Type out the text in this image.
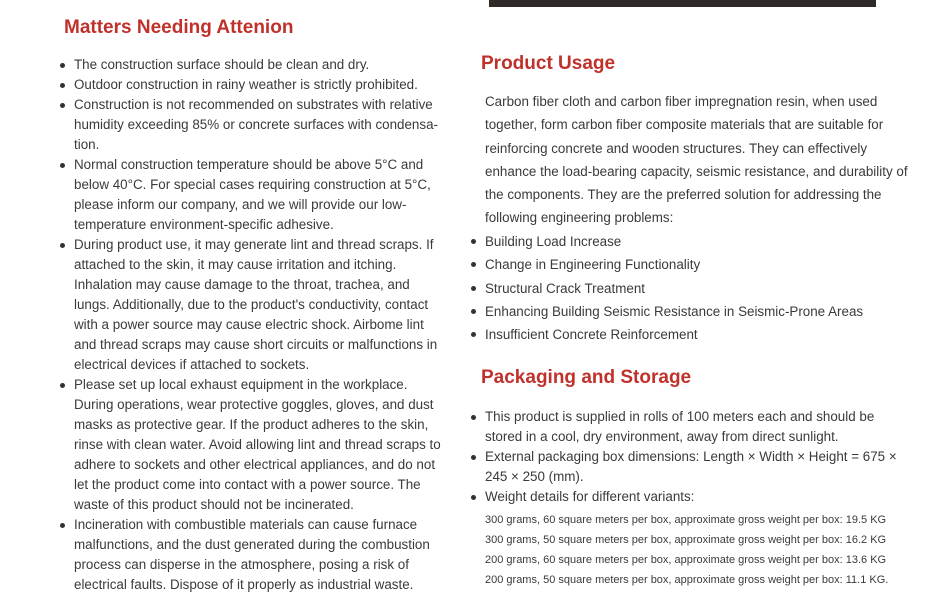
Matters Needing Attenion
The construction surface should be clean and dry.
Outdoor construction in rainy weather is strictly prohibited.
Construction is not recommended on substrates with relative humidity exceeding 85% or concrete surfaces with condensa-tion.
Normal construction temperature should be above 5°C and below 40°C. For special cases requiring construction at 5°C, please inform our company, and we will provide our low-temperature environment-specific adhesive.
During product use, it may generate lint and thread scraps. If attached to the skin, it may cause irritation and itching. Inhalation may cause damage to the throat, trachea, and lungs. Additionally, due to the product's conductivity, contact with a power source may cause electric shock. Airbome lint and thread scraps may cause short circuits or malfunctions in electrical devices if attached to sockets.
Please set up local exhaust equipment in the workplace. During operations, wear protective goggles, gloves, and dust masks as protective gear. If the product adheres to the skin, rinse with clean water. Avoid allowing lint and thread scraps to adhere to sockets and other electrical appliances, and do not let the product come into contact with a power source. The waste of this product should not be incinerated.
Incineration with combustible materials can cause furnace malfunctions, and the dust generated during the combustion process can disperse in the atmosphere, posing a risk of electrical faults. Dispose of it properly as industrial waste.
Product Usage

Carbon fiber cloth and carbon fiber impregnation resin, when used together, form carbon fiber composite materials that are suitable for reinforcing concrete and wooden structures. They can effectively enhance the load-bearing capacity, seismic resistance, and durability of the components. They are the preferred solution for addressing the following engineering problems:

Building Load Increase
Change in Engineering Functionality
Structural Crack Treatment
Enhancing Building Seismic Resistance in Seismic-Prone Areas
Insufficient Concrete Reinforcement
Packaging and Storage
This product is supplied in rolls of 100 meters each and should be stored in a cool, dry environment, away from direct sunlight.
External packaging box dimensions: Length × Width × Height = 675 × 245 × 250 (mm).
Weight details for different variants:
300 grams, 60 square meters per box, approximate gross weight per box: 19.5 KG
300 grams, 50 square meters per box, approximate gross weight per box: 16.2 KG
200 grams, 60 square meters per box, approximate gross weight per box: 13.6 KG
200 grams, 50 square meters per box, approximate gross weight per box: 11.1 KG.
